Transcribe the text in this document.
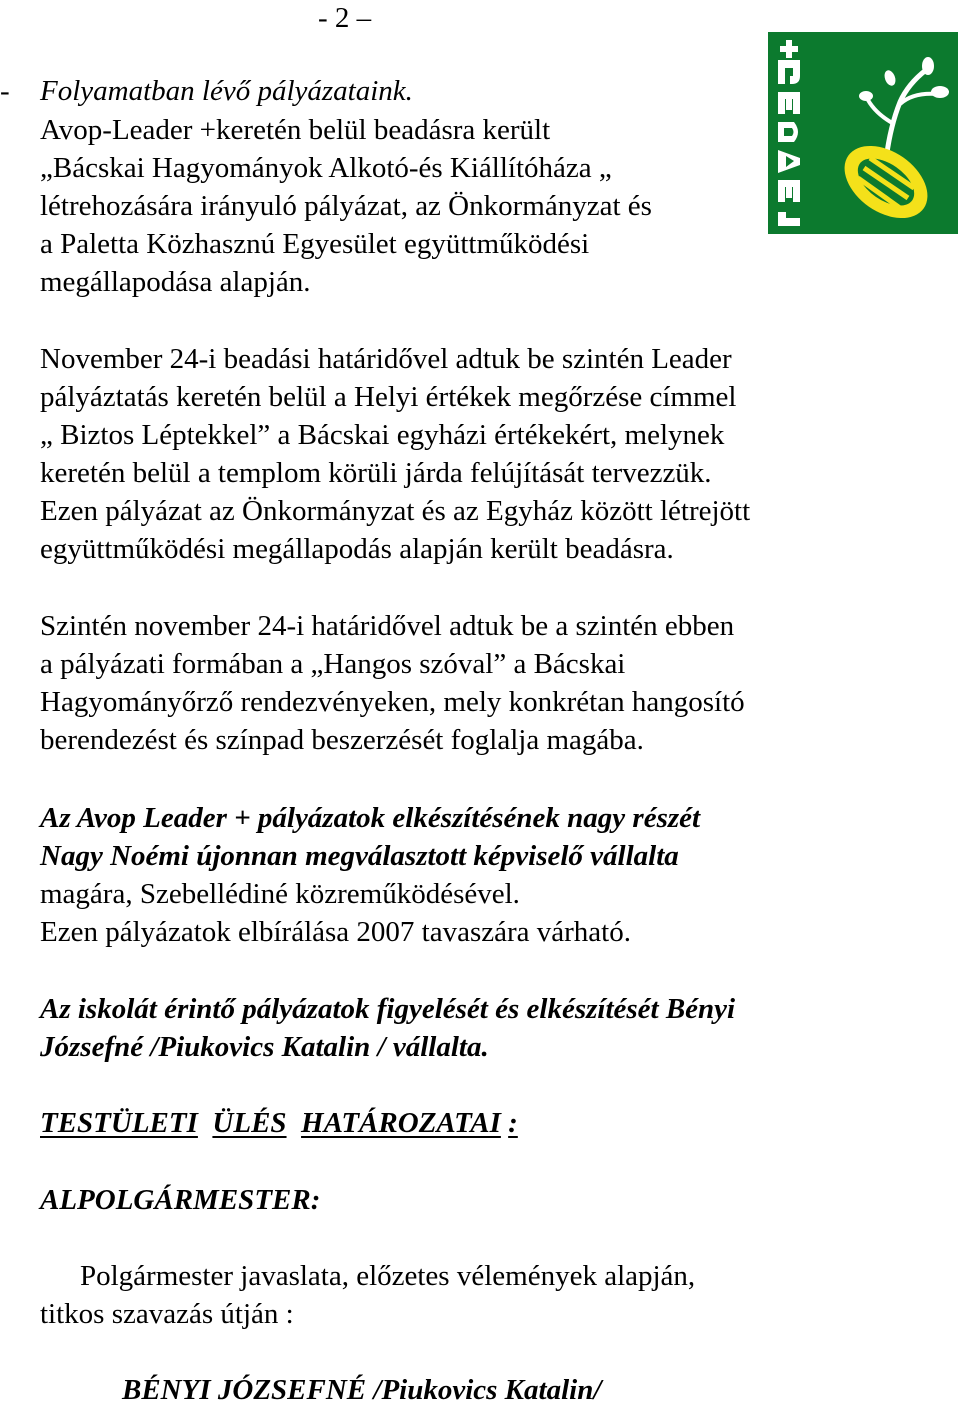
- 2 –
- Folyamatban lévő pályázataink.
Avop-Leader +keretén belül beadásra került
„Bácskai Hagyományok Alkotó-és Kiállítóháza „
létrehozására irányuló pályázat, az Önkormányzat és
a Paletta Közhasznú Egyesület együttműködési
megállapodása alapján.
November 24-i beadási határidővel adtuk be szintén Leader
pályáztatás keretén belül a Helyi értékek megőrzése címmel
„ Biztos Léptekkel” a Bácskai egyházi értékekért, melynek
keretén belül a templom körüli járda felújítását tervezzük.
Ezen pályázat az Önkormányzat és az Egyház között létrejött
együttműködési megállapodás alapján került beadásra.
Szintén november 24-i határidővel adtuk be a szintén ebben
a pályázati formában a „Hangos szóval” a Bácskai
Hagyományőrző rendezvényeken, mely konkrétan hangosító
berendezést és színpad beszerzését foglalja magába.
Az Avop Leader + pályázatok elkészítésének nagy részét
Nagy Noémi újonnan megválasztott képviselő vállalta
magára, Szebellédiné közreműködésével.
Ezen pályázatok elbírálása 2007 tavaszára várható.
Az iskolát érintő pályázatok figyelését és elkészítését Bényi
Józsefné /Piukovics Katalin / vállalta.
TESTÜLETI ÜLÉS HATÁROZATAI :
ALPOLGÁRMESTER:
Polgármester javaslata, előzetes vélemények alapján,
titkos szavazás útján :
BÉNYI JÓZSEFNÉ /Piukovics Katalin/
